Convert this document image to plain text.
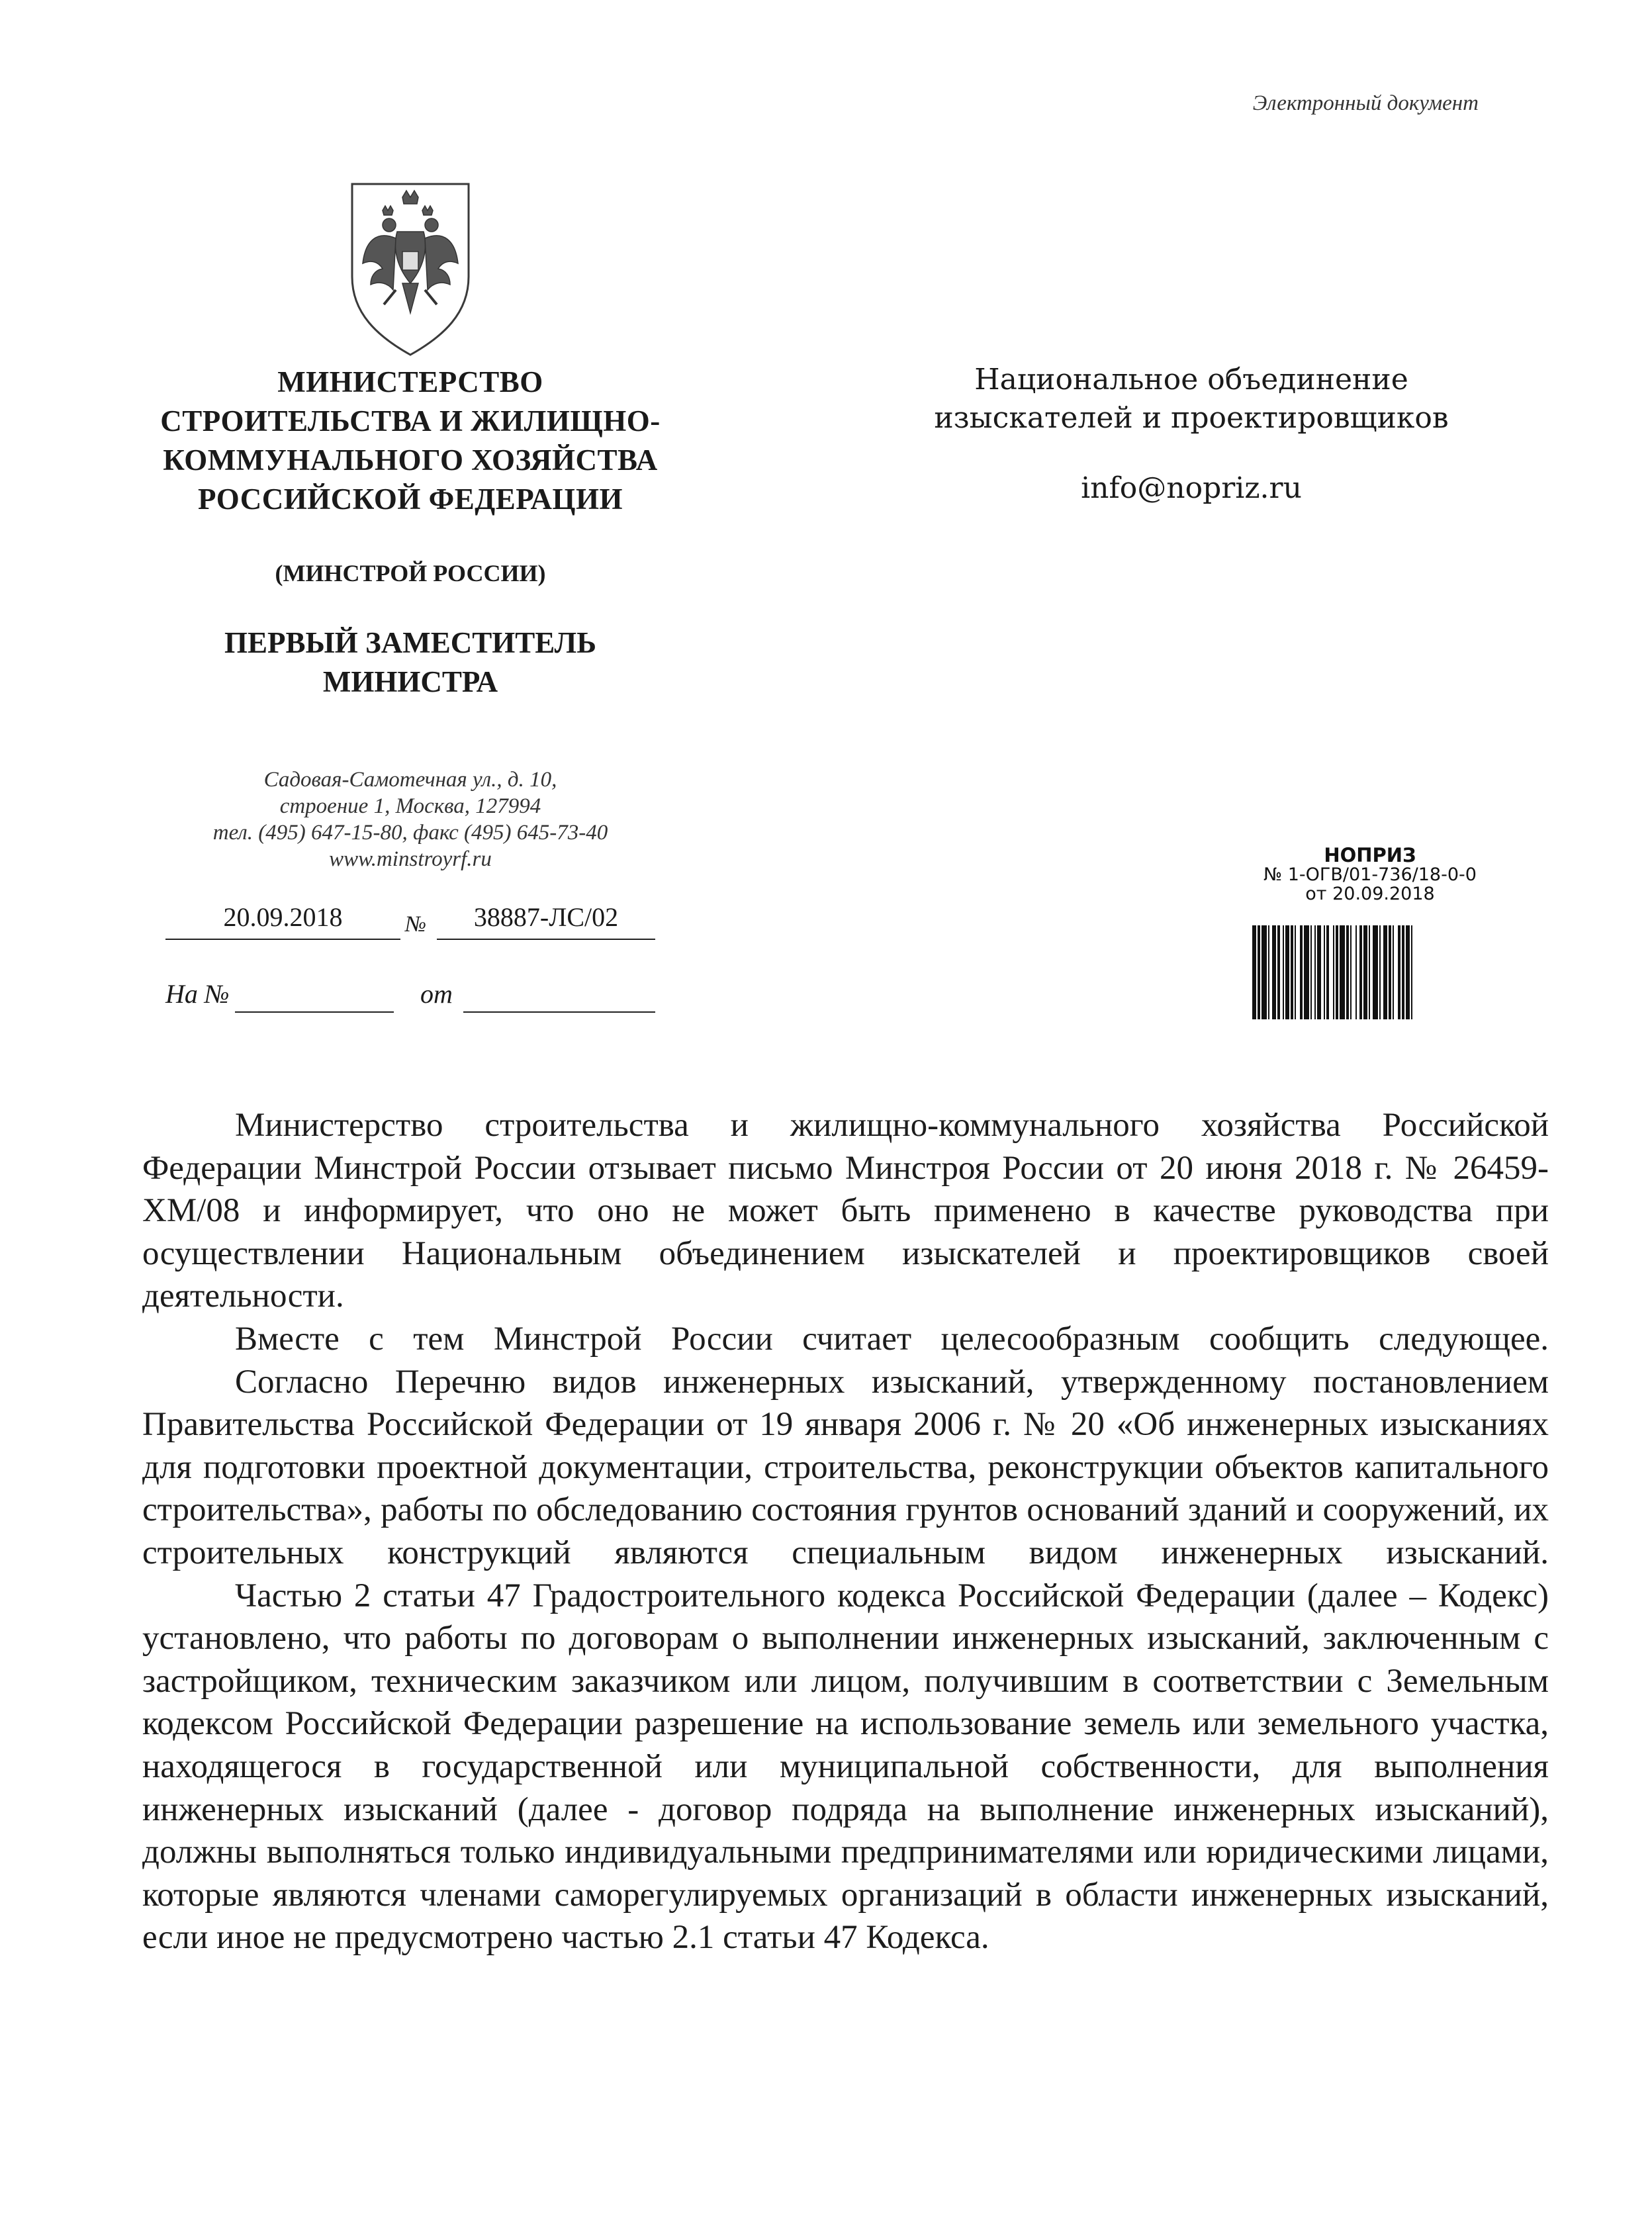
Электронный документ
МИНИСТЕРСТВО
СТРОИТЕЛЬСТВА И ЖИЛИЩНО-
КОММУНАЛЬНОГО ХОЗЯЙСТВА
РОССИЙСКОЙ ФЕДЕРАЦИИ
(МИНСТРОЙ РОССИИ)
ПЕРВЫЙ ЗАМЕСТИТЕЛЬ
МИНИСТРА
Садовая-Самотечная ул., д. 10,
строение 1, Москва, 127994
тел. (495) 647-15-80, факс (495) 645-73-40
www.minstroyrf.ru
20.09.2018	№	38887-ЛС/02
На №	от
Национальное объединение
изыскателей и проектировщиков
info@nopriz.ru
НОПРИЗ
№ 1-ОГВ/01-736/18-0-0
от 20.09.2018

Министерство строительства и жилищно-коммунального хозяйства Российской Федерации Минстрой России отзывает письмо Минстроя России от 20 июня 2018 г. № 26459-ХМ/08 и информирует, что оно не может быть применено в качестве руководства при осуществлении Национальным объединением изыскателей и проектировщиков своей деятельности.

Вместе с тем Минстрой России считает целесообразным сообщить следующее.

Согласно Перечню видов инженерных изысканий, утвержденному постановлением Правительства Российской Федерации от 19 января 2006 г. № 20 «Об инженерных изысканиях для подготовки проектной документации, строительства, реконструкции объектов капитального строительства», работы по обследованию состояния грунтов оснований зданий и сооружений, их строительных конструкций являются специальным видом инженерных изысканий.

Частью 2 статьи 47 Градостроительного кодекса Российской Федерации (далее – Кодекс) установлено, что работы по договорам о выполнении инженерных изысканий, заключенным с застройщиком, техническим заказчиком или лицом, получившим в соответствии с Земельным кодексом Российской Федерации разрешение на использование земель или земельного участка, находящегося в государственной или муниципальной собственности, для выполнения инженерных изысканий (далее - договор подряда на выполнение инженерных изысканий), должны выполняться только индивидуальными предпринимателями или юридическими лицами, которые являются членами саморегулируемых организаций в области инженерных изысканий, если иное не предусмотрено частью 2.1 статьи 47 Кодекса.
